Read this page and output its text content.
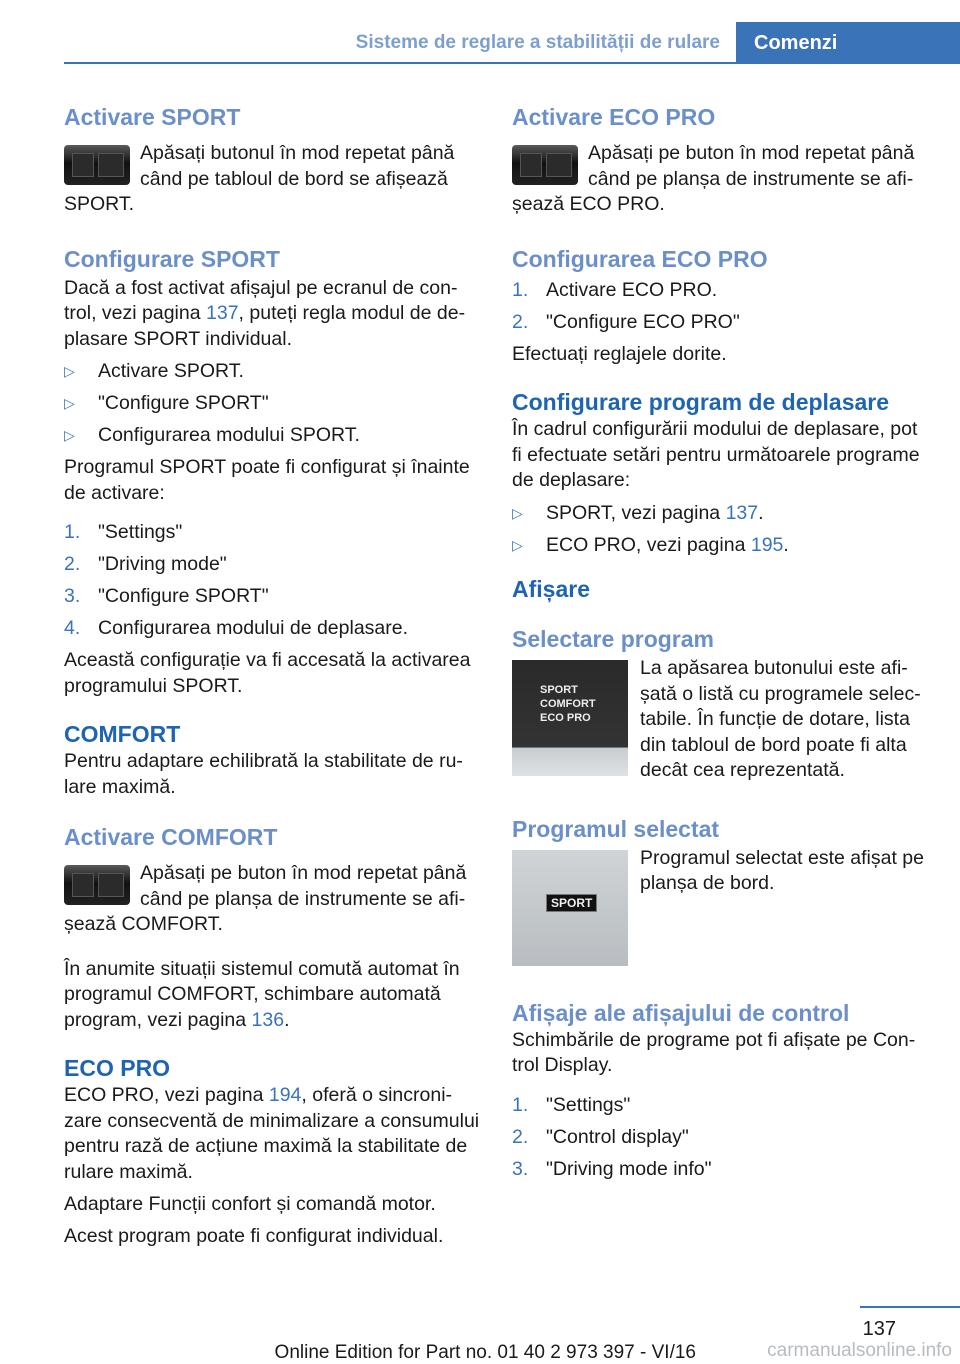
Sisteme de reglare a stabilității de rulare	Comenzi
Activare SPORT

Apăsați butonul în mod repetat până când pe tabloul de bord se afișează SPORT.

Configurare SPORT

Dacă a fost activat afișajul pe ecranul de control, vezi pagina 137, puteți regla modul de deplasare SPORT individual.

▷ Activare SPORT.
▷ "Configure SPORT"
▷ Configurarea modului SPORT.

Programul SPORT poate fi configurat și înainte de activare:

1. "Settings"
2. "Driving mode"
3. "Configure SPORT"
4. Configurarea modului de deplasare.

Această configurație va fi accesată la activarea programului SPORT.

COMFORT

Pentru adaptare echilibrată la stabilitate de rulare maximă.

Activare COMFORT

Apăsați pe buton în mod repetat până când pe planșa de instrumente se afișează COMFORT.

În anumite situații sistemul comută automat în programul COMFORT, schimbare automată program, vezi pagina 136.

ECO PRO

ECO PRO, vezi pagina 194, oferă o sincronizare consecventă de minimalizare a consumului pentru rază de acțiune maximă la stabilitate de rulare maximă.

Adaptare Funcții confort și comandă motor.

Acest program poate fi configurat individual.

Activare ECO PRO

Apăsați pe buton în mod repetat până când pe planșa de instrumente se afișează ECO PRO.

Configurarea ECO PRO
1. Activare ECO PRO.
2. "Configure ECO PRO"

Efectuați reglajele dorite.

Configurare program de deplasare

În cadrul configurării modului de deplasare, pot fi efectuate setări pentru următoarele programe de deplasare:

▷ SPORT, vezi pagina 137.
▷ ECO PRO, vezi pagina 195.
Afișare
Selectare program
SPORT
COMFORT
ECO PRO

La apăsarea butonului este afișată o listă cu programele selectabile. În funcție de dotare, lista din tabloul de bord poate fi alta decât cea reprezentată.

Programul selectat
SPORT

Programul selectat este afișat pe planșa de bord.

Afișaje ale afișajului de control

Schimbările de programe pot fi afișate pe Control Display.

1. "Settings"
2. "Control display"
3. "Driving mode info"
137
Online Edition for Part no. 01 40 2 973 397 - VI/16	carmanualsonline.info
